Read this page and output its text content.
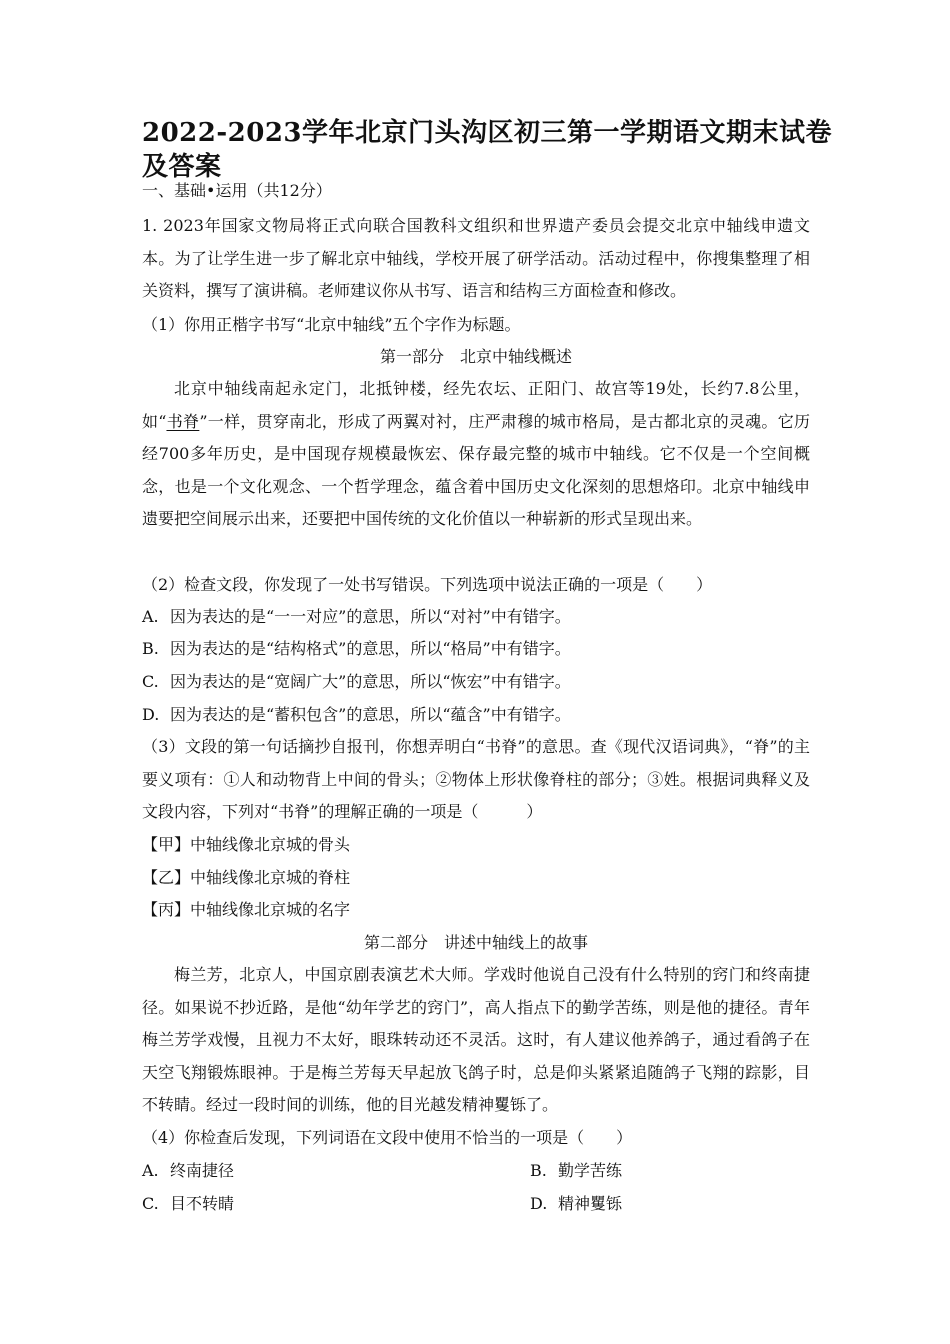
2022-2023学年北京门头沟区初三第一学期语文期末试卷及答案
一、基础•运用（共12分）
1. 2023年国家文物局将正式向联合国教科文组织和世界遗产委员会提交北京中轴线申遗文本。为了让学生进一步了解北京中轴线，学校开展了研学活动。活动过程中，你搜集整理了相关资料，撰写了演讲稿。老师建议你从书写、语言和结构三方面检查和修改。
（1）你用正楷字书写“北京中轴线”五个字作为标题。
第一部分　北京中轴线概述
北京中轴线南起永定门，北抵钟楼，经先农坛、正阳门、故宫等19处，长约7.8公里，如“书脊”一样，贯穿南北，形成了两翼对衬，庄严肃穆的城市格局，是古都北京的灵魂。它历经700多年历史，是中国现存规模最恢宏、保存最完整的城市中轴线。它不仅是一个空间概念，也是一个文化观念、一个哲学理念，蕴含着中国历史文化深刻的思想烙印。北京中轴线申遗要把空间展示出来，还要把中国传统的文化价值以一种崭新的形式呈现出来。
（2）检查文段，你发现了一处书写错误。下列选项中说法正确的一项是（　　）
A. 因为表达的是“一一对应”的意思，所以“对衬”中有错字。
B. 因为表达的是“结构格式”的意思，所以“格局”中有错字。
C. 因为表达的是“宽阔广大”的意思，所以“恢宏”中有错字。
D. 因为表达的是“蓄积包含”的意思，所以“蕴含”中有错字。
（3）文段的第一句话摘抄自报刊，你想弄明白“书脊”的意思。查《现代汉语词典》，“脊”的主要义项有：①人和动物背上中间的骨头；②物体上形状像脊柱的部分；③姓。根据词典释义及文段内容，下列对“书脊”的理解正确的一项是（　　　）
【甲】中轴线像北京城的骨头
【乙】中轴线像北京城的脊柱
【丙】中轴线像北京城的名字
第二部分　讲述中轴线上的故事
梅兰芳，北京人，中国京剧表演艺术大师。学戏时他说自己没有什么特别的窍门和终南捷径。如果说不抄近路，是他“幼年学艺的窍门”，高人指点下的勤学苦练，则是他的捷径。青年梅兰芳学戏慢，且视力不太好，眼珠转动还不灵活。这时，有人建议他养鸽子，通过看鸽子在天空飞翔锻炼眼神。于是梅兰芳每天早起放飞鸽子时，总是仰头紧紧追随鸽子飞翔的踪影，目不转睛。经过一段时间的训练，他的目光越发精神矍铄了。
（4）你检查后发现，下列词语在文段中使用不恰当的一项是（　　）
A. 终南捷径	B. 勤学苦练
C. 目不转睛	D. 精神矍铄
